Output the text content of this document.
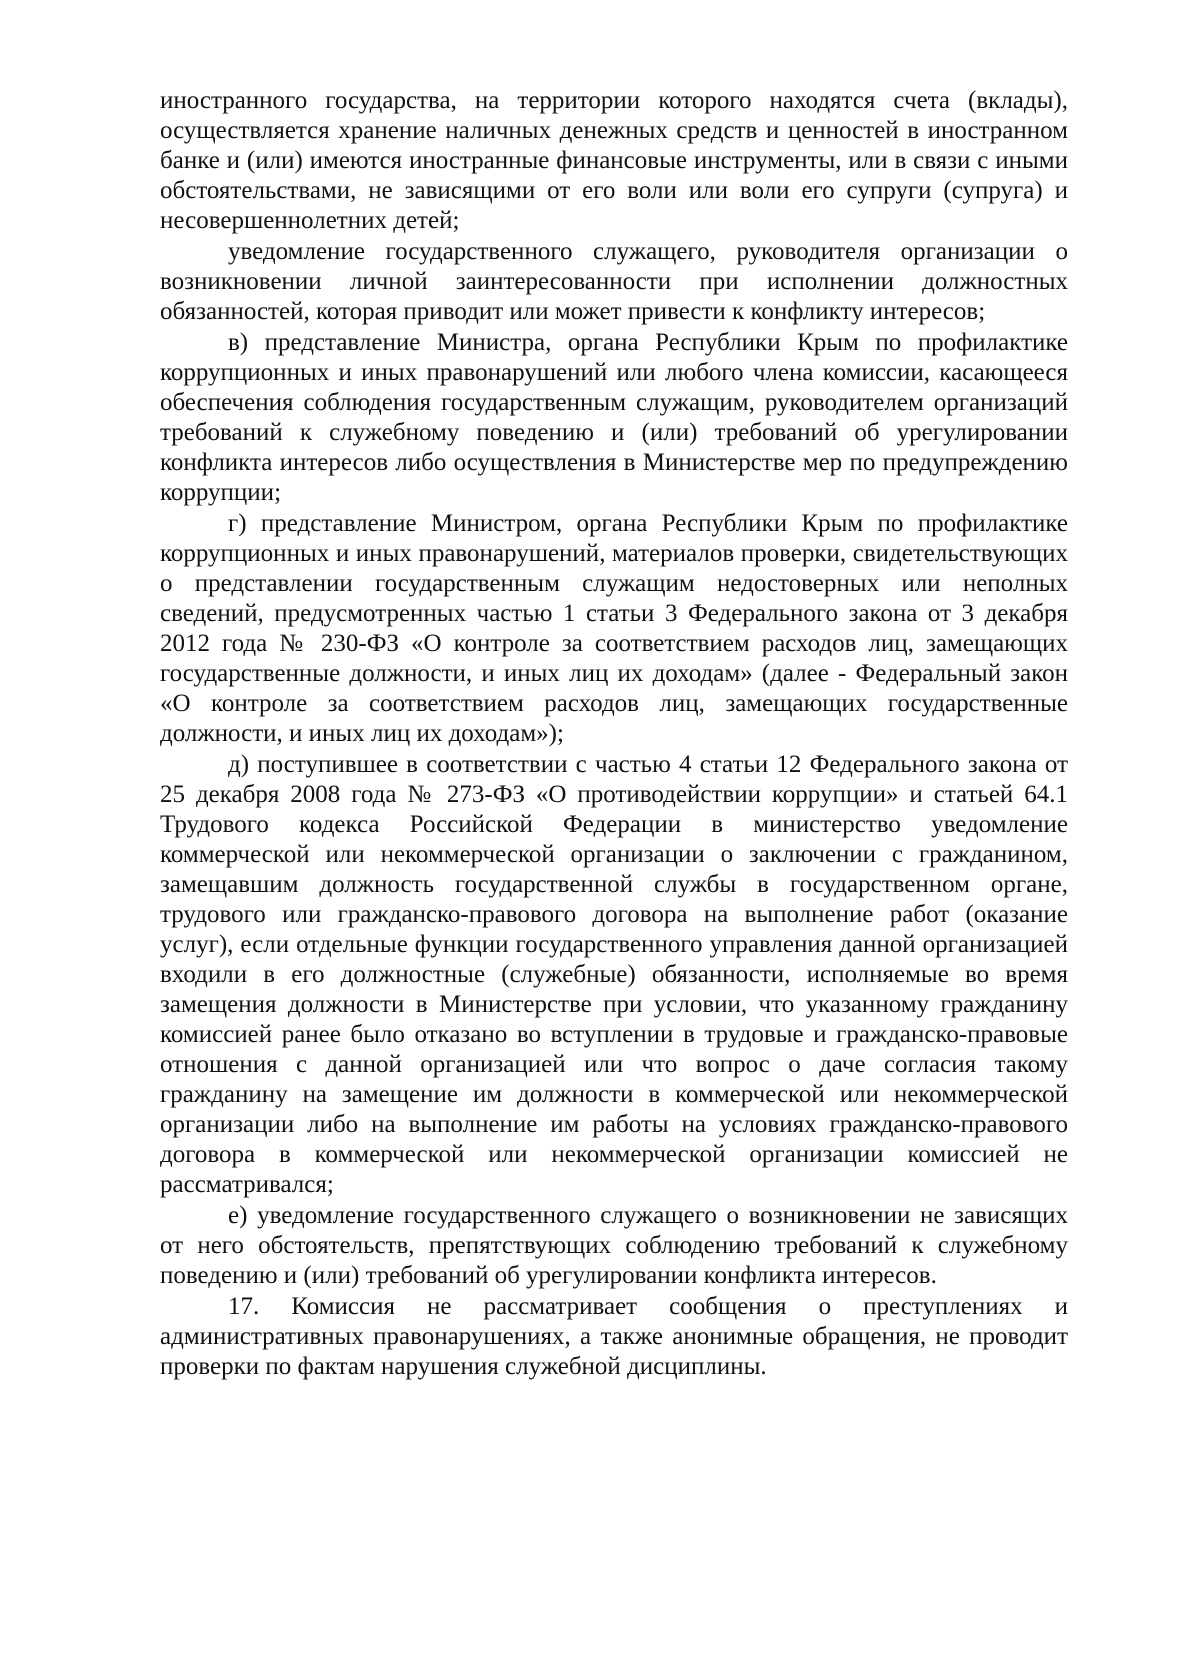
иностранного государства, на территории которого находятся счета (вклады), осуществляется хранение наличных денежных средств и ценностей в иностранном банке и (или) имеются иностранные финансовые инструменты, или в связи с иными обстоятельствами, не зависящими от его воли или воли его супруги (супруга) и несовершеннолетних детей;

уведомление государственного служащего, руководителя организации о возникновении личной заинтересованности при исполнении должностных обязанностей, которая приводит или может привести к конфликту интересов;

в) представление Министра, органа Республики Крым по профилактике коррупционных и иных правонарушений или любого члена комиссии, касающееся обеспечения соблюдения государственным служащим, руководителем организаций требований к служебному поведению и (или) требований об урегулировании конфликта интересов либо осуществления в Министерстве мер по предупреждению коррупции;

г) представление Министром, органа Республики Крым по профилактике коррупционных и иных правонарушений, материалов проверки, свидетельствующих о представлении государственным служащим недостоверных или неполных сведений, предусмотренных частью 1 статьи 3 Федерального закона от 3 декабря 2012 года № 230-ФЗ «О контроле за соответствием расходов лиц, замещающих государственные должности, и иных лиц их доходам» (далее - Федеральный закон «О контроле за соответствием расходов лиц, замещающих государственные должности, и иных лиц их доходам»);

д) поступившее в соответствии с частью 4 статьи 12 Федерального закона от 25 декабря 2008 года № 273-ФЗ «О противодействии коррупции» и статьей 64.1 Трудового кодекса Российской Федерации в министерство уведомление коммерческой или некоммерческой организации о заключении с гражданином, замещавшим должность государственной службы в государственном органе, трудового или гражданско-правового договора на выполнение работ (оказание услуг), если отдельные функции государственного управления данной организацией входили в его должностные (служебные) обязанности, исполняемые во время замещения должности в Министерстве при условии, что указанному гражданину комиссией ранее было отказано во вступлении в трудовые и гражданско-правовые отношения с данной организацией или что вопрос о даче согласия такому гражданину на замещение им должности в коммерческой или некоммерческой организации либо на выполнение им работы на условиях гражданско-правового договора в коммерческой или некоммерческой организации комиссией не рассматривался;

е) уведомление государственного служащего о возникновении не зависящих от него обстоятельств, препятствующих соблюдению требований к служебному поведению и (или) требований об урегулировании конфликта интересов.

17. Комиссия не рассматривает сообщения о преступлениях и административных правонарушениях, а также анонимные обращения, не проводит проверки по фактам нарушения служебной дисциплины.
